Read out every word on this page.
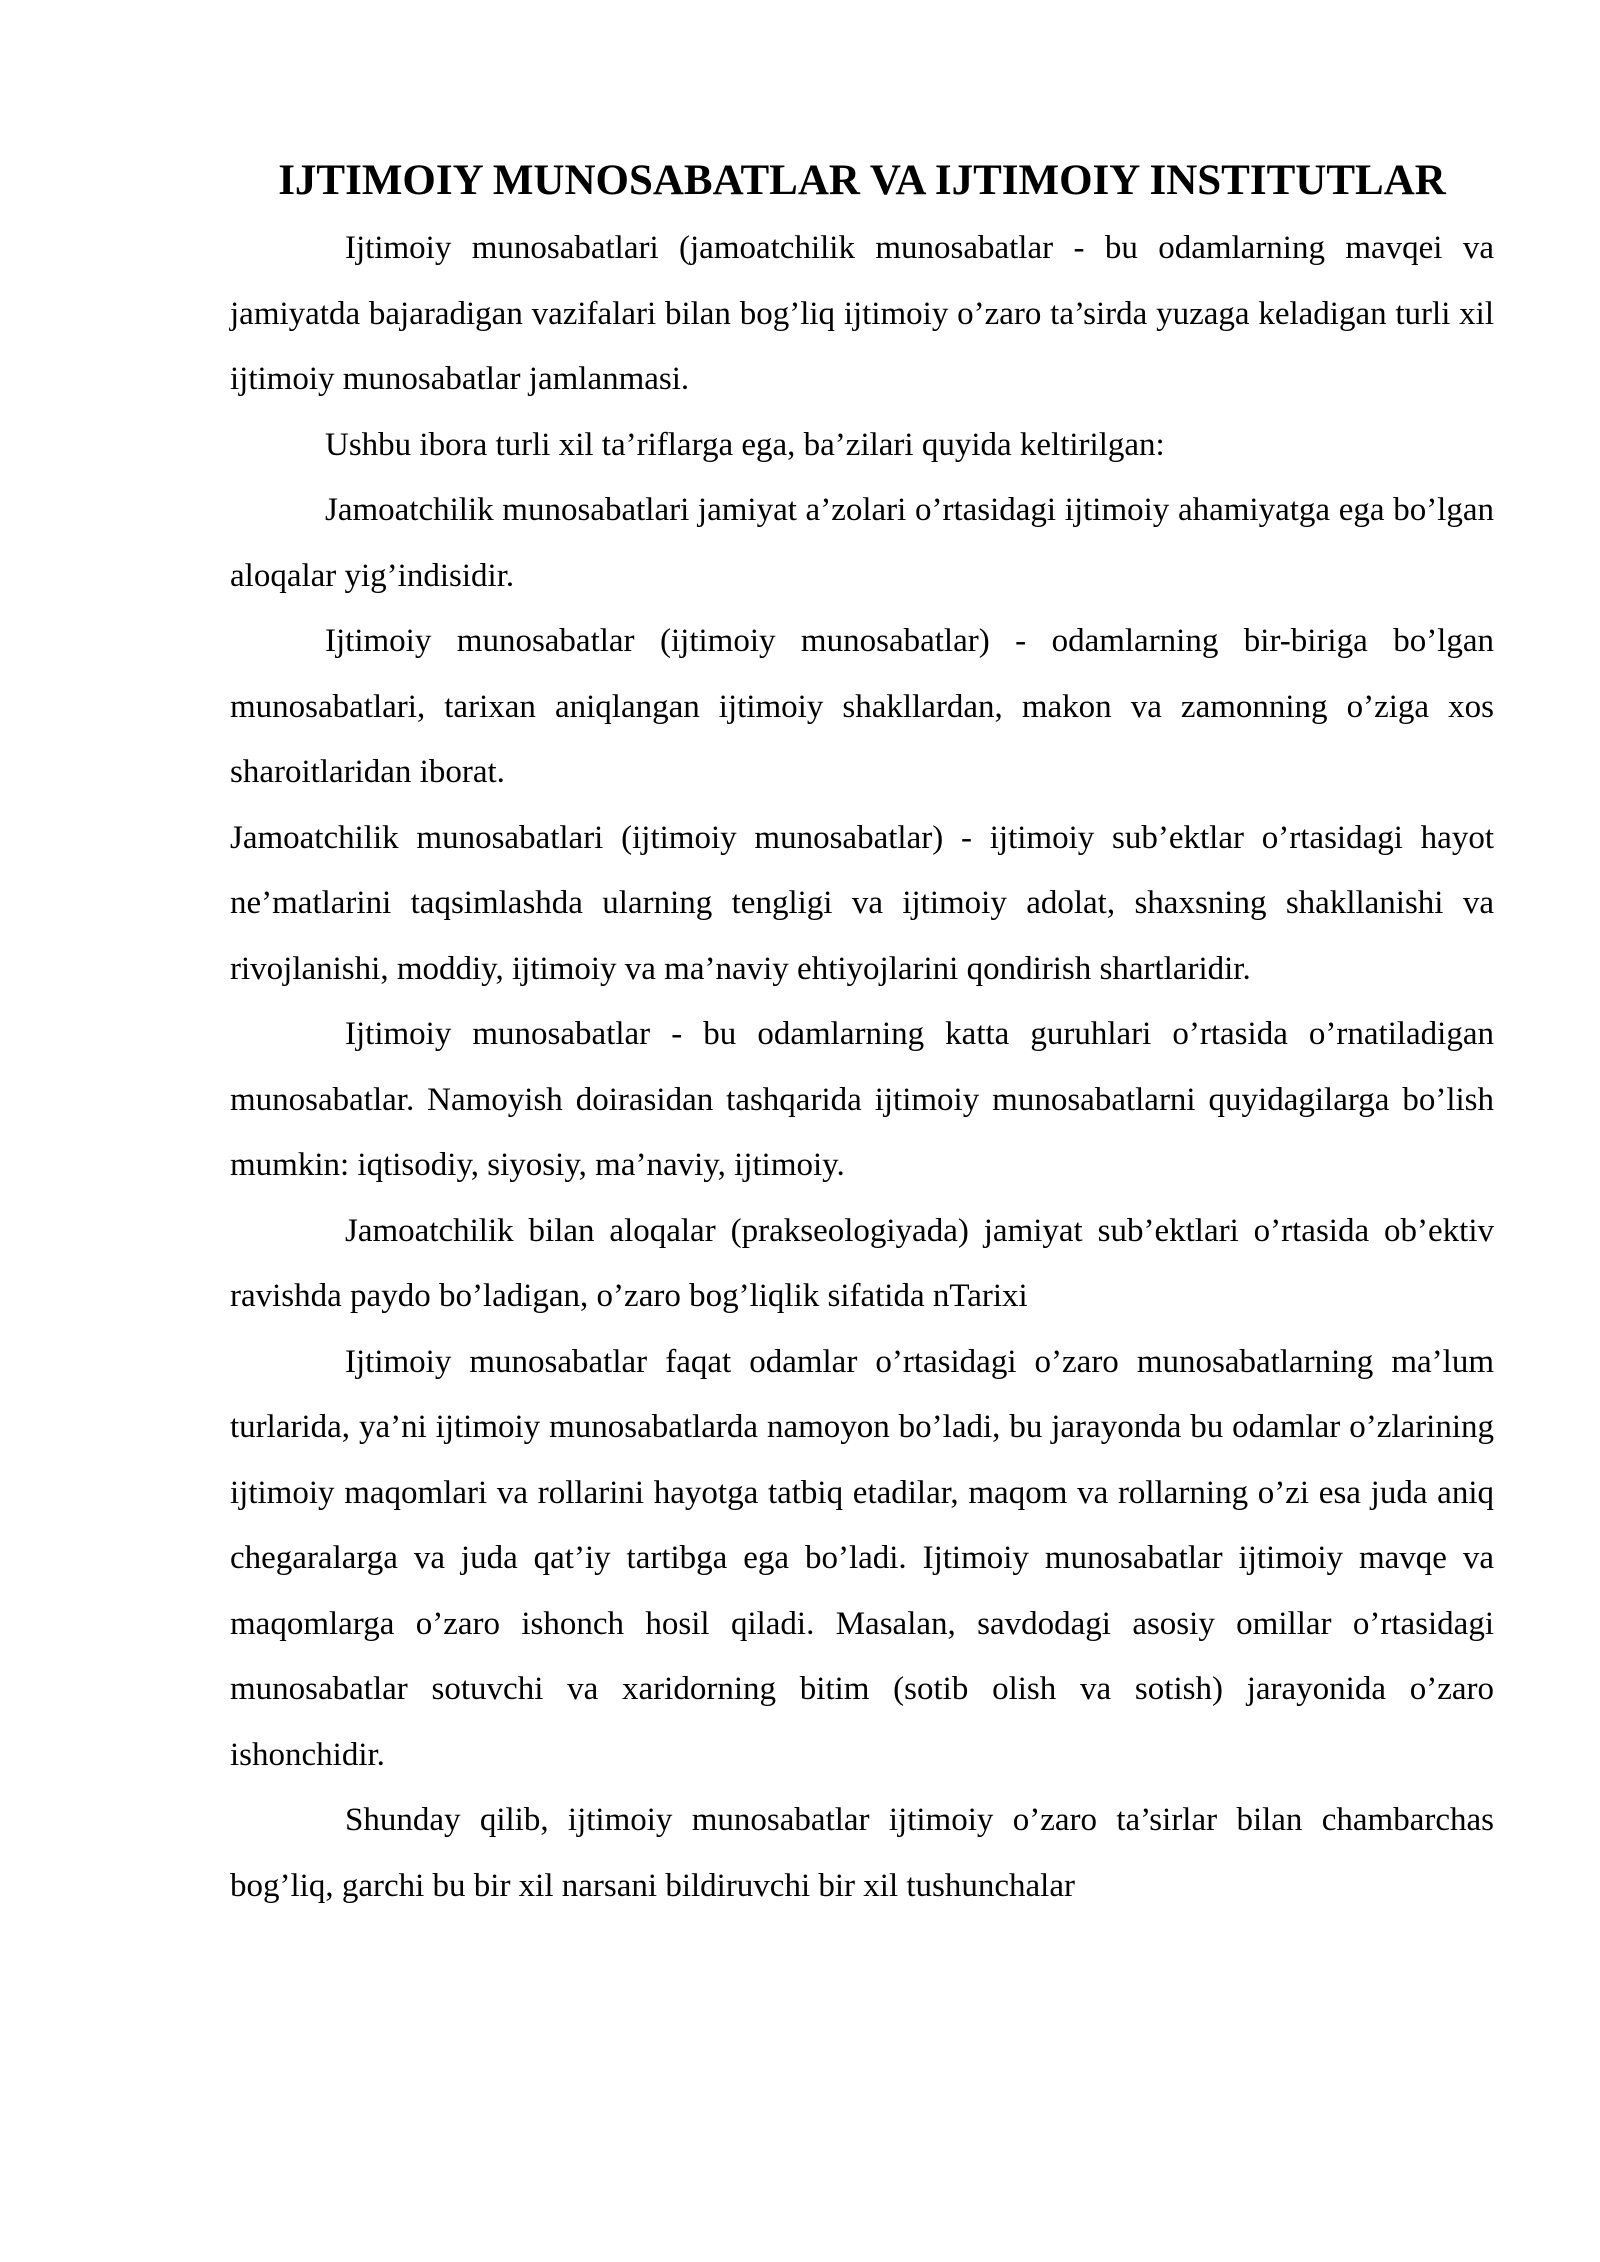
IJTIMOIY MUNOSABATLAR VA IJTIMOIY INSTITUTLAR

Ijtimoiy munosabatlari (jamoatchilik munosabatlar - bu odamlarning mavqei va jamiyatda bajaradigan vazifalari bilan bog’liq ijtimoiy o’zaro ta’sirda yuzaga keladigan turli xil ijtimoiy munosabatlar jamlanmasi.

Ushbu ibora turli xil ta’riflarga ega, ba’zilari quyida keltirilgan:

Jamoatchilik munosabatlari jamiyat a’zolari o’rtasidagi ijtimoiy ahamiyatga ega bo’lgan aloqalar yig’indisidir.

Ijtimoiy munosabatlar (ijtimoiy munosabatlar) - odamlarning bir-biriga bo’lgan munosabatlari, tarixan aniqlangan ijtimoiy shakllardan, makon va zamonning o’ziga xos sharoitlaridan iborat.

Jamoatchilik munosabatlari (ijtimoiy munosabatlar) - ijtimoiy sub’ektlar o’rtasidagi hayot ne’matlarini taqsimlashda ularning tengligi va ijtimoiy adolat, shaxsning shakllanishi va rivojlanishi, moddiy, ijtimoiy va ma’naviy ehtiyojlarini qondirish shartlaridir.

Ijtimoiy munosabatlar - bu odamlarning katta guruhlari o’rtasida o’rnatiladigan munosabatlar. Namoyish doirasidan tashqarida ijtimoiy munosabatlarni quyidagilarga bo’lish mumkin: iqtisodiy, siyosiy, ma’naviy, ijtimoiy.

Jamoatchilik bilan aloqalar (prakseologiyada) jamiyat sub’ektlari o’rtasida ob’ektiv ravishda paydo bo’ladigan, o’zaro bog’liqlik sifatida nTarixi

Ijtimoiy munosabatlar faqat odamlar o’rtasidagi o’zaro munosabatlarning ma’lum turlarida, ya’ni ijtimoiy munosabatlarda namoyon bo’ladi, bu jarayonda bu odamlar o’zlarining ijtimoiy maqomlari va rollarini hayotga tatbiq etadilar, maqom va rollarning o’zi esa juda aniq chegaralarga va juda qat’iy tartibga ega bo’ladi. Ijtimoiy munosabatlar ijtimoiy mavqe va maqomlarga o’zaro ishonch hosil qiladi. Masalan, savdodagi asosiy omillar o’rtasidagi munosabatlar sotuvchi va xaridorning bitim (sotib olish va sotish) jarayonida o’zaro ishonchidir.

Shunday qilib, ijtimoiy munosabatlar ijtimoiy o’zaro ta’sirlar bilan chambarchas bog’liq, garchi bu bir xil narsani bildiruvchi bir xil tushunchalar
